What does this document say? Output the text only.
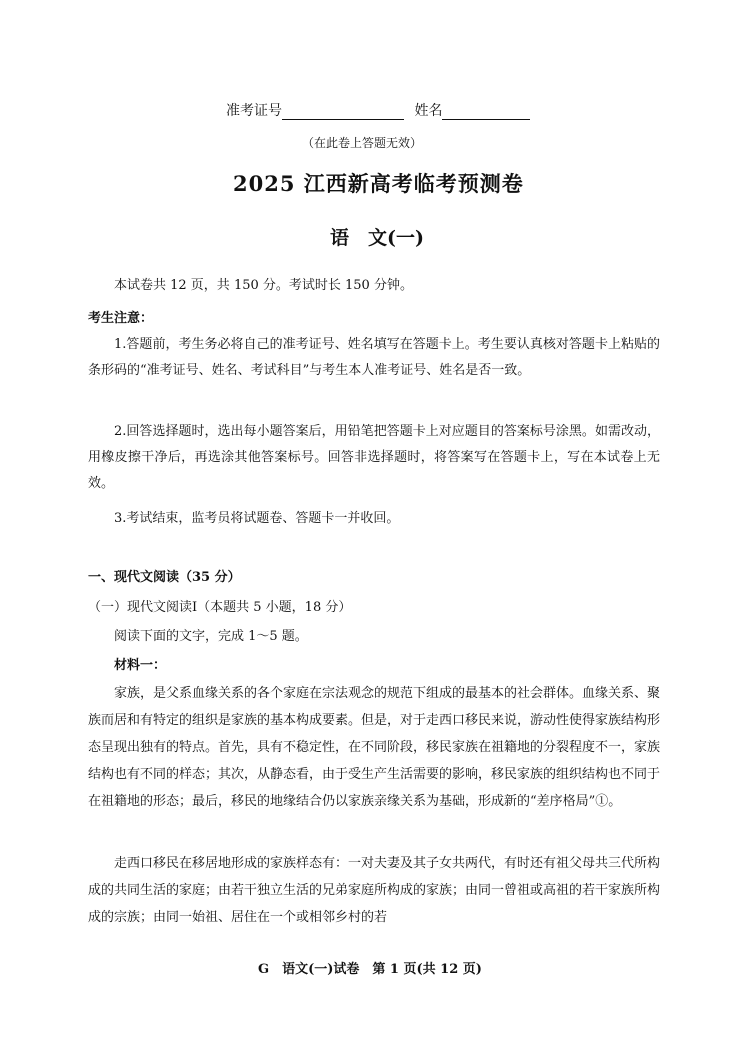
准考证号	姓名
（在此卷上答题无效）
2025 江西新高考临考预测卷
语　文(一)
本试卷共 12 页，共 150 分。考试时长 150 分钟。
考生注意：
1.答题前，考生务必将自己的准考证号、姓名填写在答题卡上。考生要认真核对答题卡上粘贴的条形码的“准考证号、姓名、考试科目”与考生本人准考证号、姓名是否一致。
2.回答选择题时，选出每小题答案后，用铅笔把答题卡上对应题目的答案标号涂黑。如需改动，用橡皮擦干净后，再选涂其他答案标号。回答非选择题时，将答案写在答题卡上，写在本试卷上无效。
3.考试结束，监考员将试题卷、答题卡一并收回。
一、现代文阅读（35 分）
（一）现代文阅读Ⅰ（本题共 5 小题，18 分）
阅读下面的文字，完成 1～5 题。
材料一：
家族，是父系血缘关系的各个家庭在宗法观念的规范下组成的最基本的社会群体。血缘关系、聚族而居和有特定的组织是家族的基本构成要素。但是，对于走西口移民来说，游动性使得家族结构形态呈现出独有的特点。首先，具有不稳定性，在不同阶段，移民家族在祖籍地的分裂程度不一，家族结构也有不同的样态；其次，从静态看，由于受生产生活需要的影响，移民家族的组织结构也不同于在祖籍地的形态；最后，移民的地缘结合仍以家族亲缘关系为基础，形成新的“差序格局”①。
走西口移民在移居地形成的家族样态有：一对夫妻及其子女共两代，有时还有祖父母共三代所构成的共同生活的家庭；由若干独立生活的兄弟家庭所构成的家族；由同一曾祖或高祖的若干家族所构成的宗族；由同一始祖、居住在一个或相邻乡村的若
G　语文(一)试卷　第 1 页(共 12 页)
